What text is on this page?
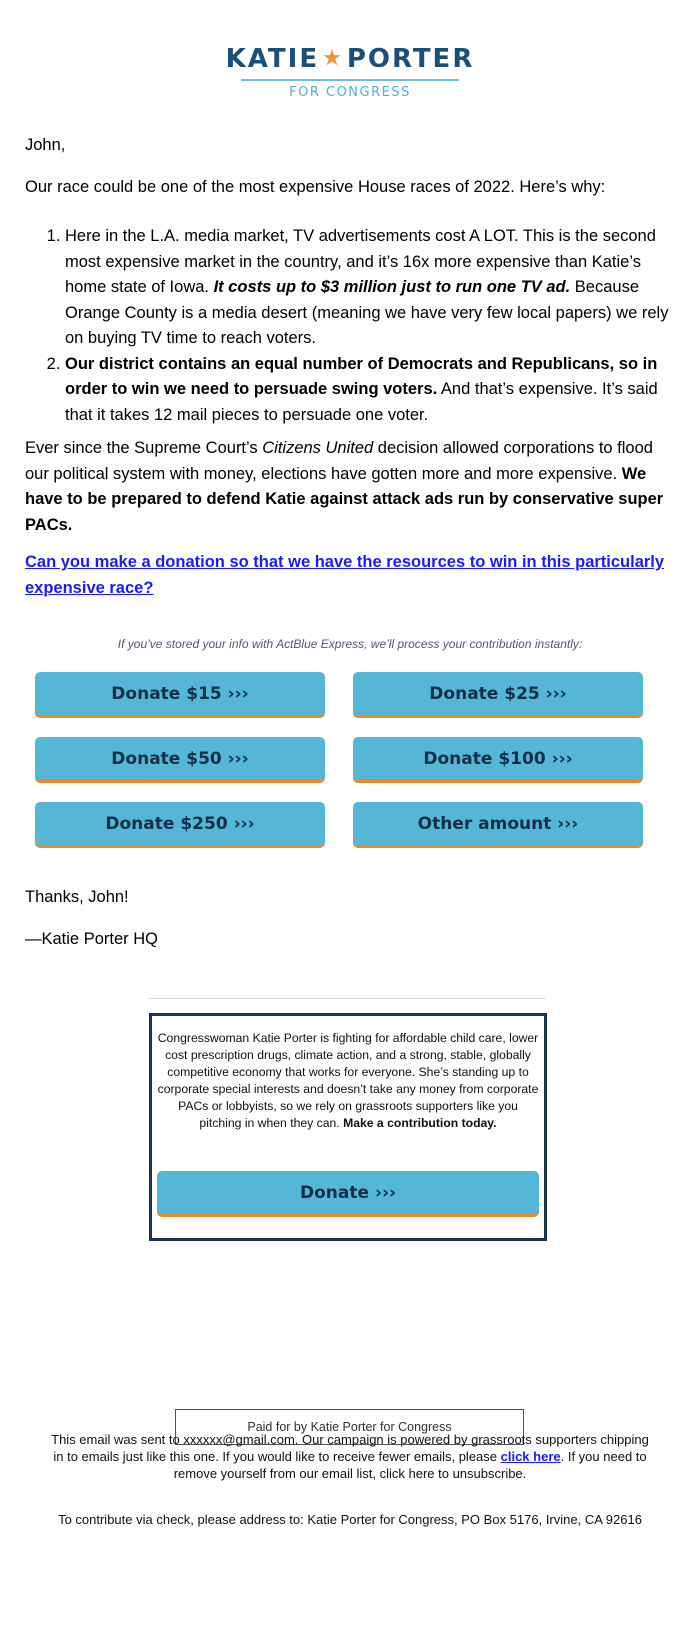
KATIE ★ PORTER
FOR CONGRESS

John,

Our race could be one of the most expensive House races of 2022. Here’s why:

1. Here in the L.A. media market, TV advertisements cost A LOT. This is the second most expensive market in the country, and it’s 16x more expensive than Katie’s home state of Iowa. It costs up to $3 million just to run one TV ad. Because Orange County is a media desert (meaning we have very few local papers) we rely on buying TV time to reach voters.
2. Our district contains an equal number of Democrats and Republicans, so in order to win we need to persuade swing voters. And that’s expensive. It’s said that it takes 12 mail pieces to persuade one voter.

Ever since the Supreme Court’s Citizens United decision allowed corporations to flood our political system with money, elections have gotten more and more expensive. We have to be prepared to defend Katie against attack ads run by conservative super PACs.

Can you make a donation so that we have the resources to win in this particularly expensive race?

Thanks, John!

—Katie Porter HQ

If you’ve stored your info with ActBlue Express, we’ll process your contribution instantly:
Donate $15 ›››	Donate $25 ›››
Donate $50 ›››	Donate $100 ›››
Donate $250 ›››	Other amount ›››
Congresswoman Katie Porter is fighting for affordable child care, lower cost prescription drugs, climate action, and a strong, stable, globally competitive economy that works for everyone. She’s standing up to corporate special interests and doesn’t take any money from corporate PACs or lobbyists, so we rely on grassroots supporters like you pitching in when they can. Make a contribution today.
Donate ›››
Paid for by Katie Porter for Congress

This email was sent to xxxxxx@gmail.com. Our campaign is powered by grassroots supporters chipping in to emails just like this one. If you would like to receive fewer emails, please click here. If you need to remove yourself from our email list, click here to unsubscribe.

To contribute via check, please address to: Katie Porter for Congress, PO Box 5176, Irvine, CA 92616
